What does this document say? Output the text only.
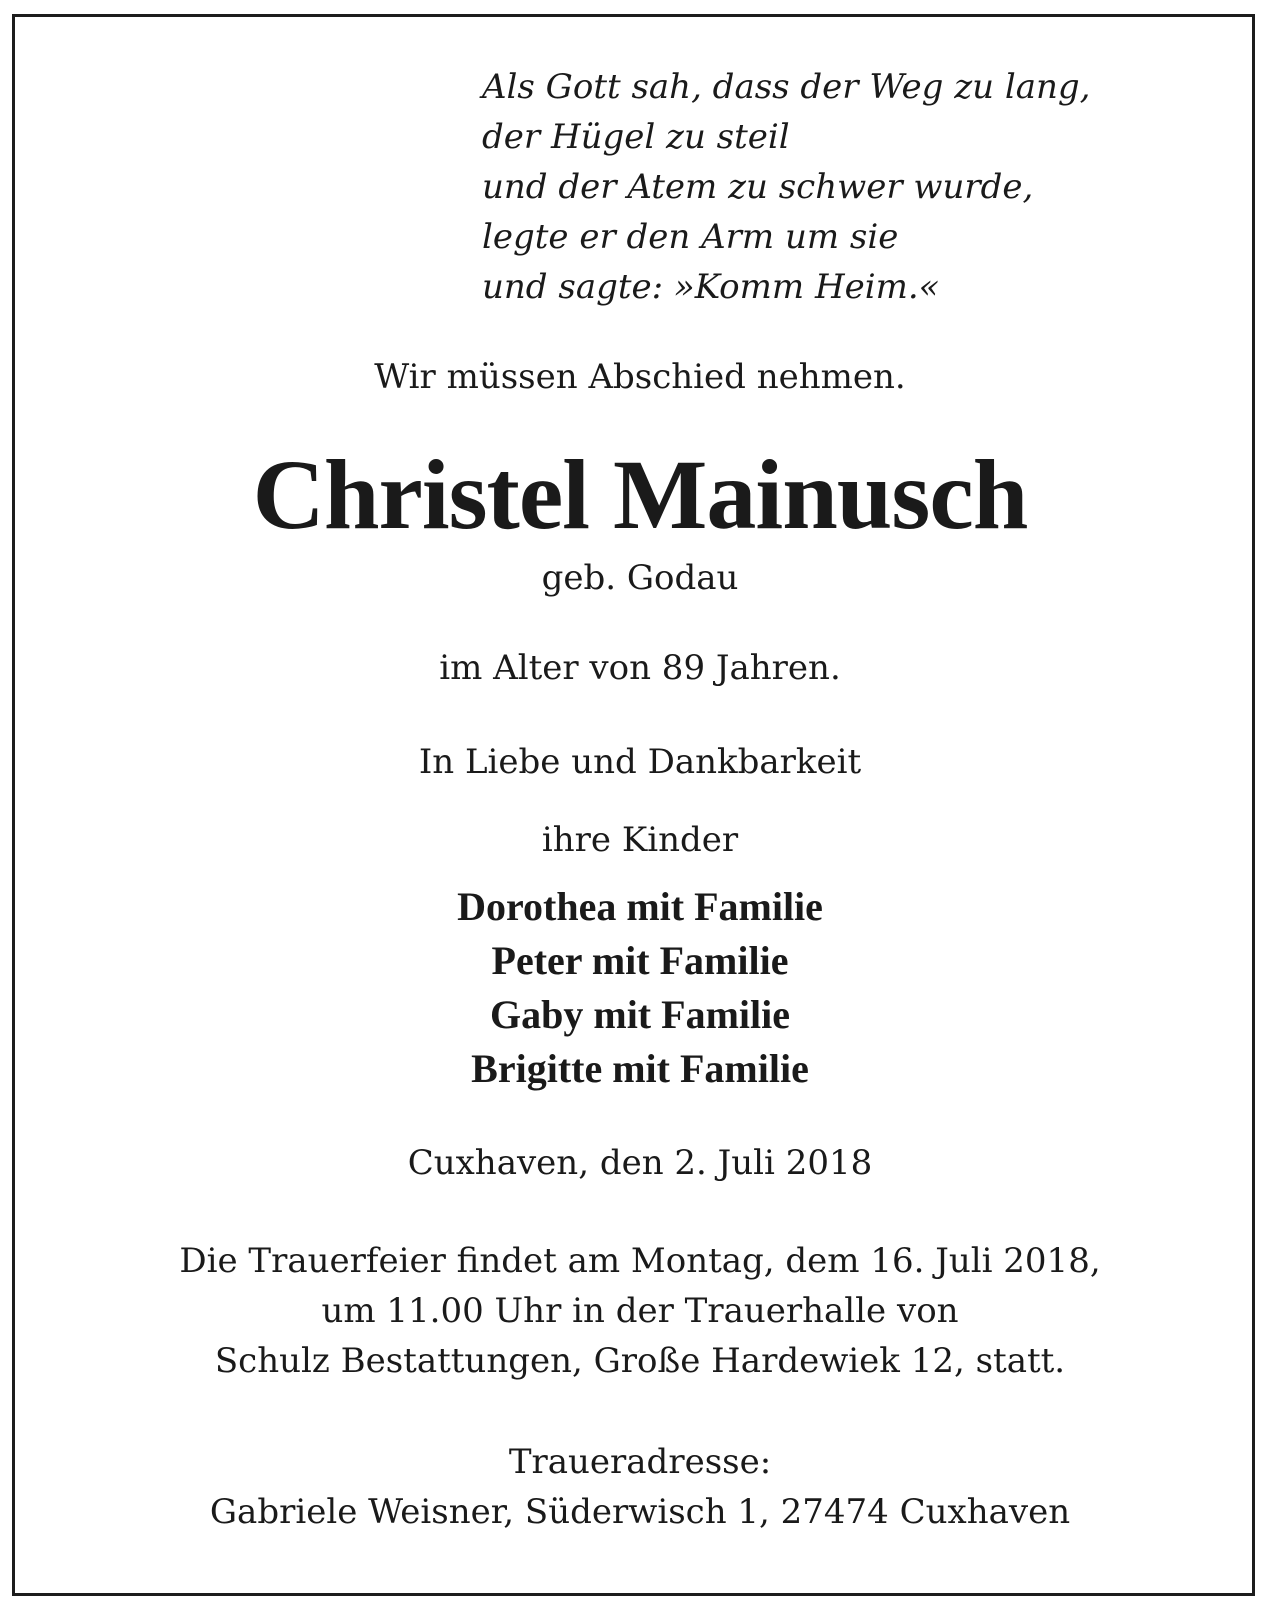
Als Gott sah, dass der Weg zu lang,
der Hügel zu steil
und der Atem zu schwer wurde,
legte er den Arm um sie
und sagte: »Komm Heim.«
Wir müssen Abschied nehmen.
Christel Mainusch
geb. Godau
im Alter von 89 Jahren.
In Liebe und Dankbarkeit
ihre Kinder
Dorothea mit Familie
Peter mit Familie
Gaby mit Familie
Brigitte mit Familie
Cuxhaven, den 2. Juli 2018
Die Trauerfeier findet am Montag, dem 16. Juli 2018,
um 11.00 Uhr in der Trauerhalle von
Schulz Bestattungen, Große Hardewiek 12, statt.
Traueradresse:
Gabriele Weisner, Süderwisch 1, 27474 Cuxhaven
